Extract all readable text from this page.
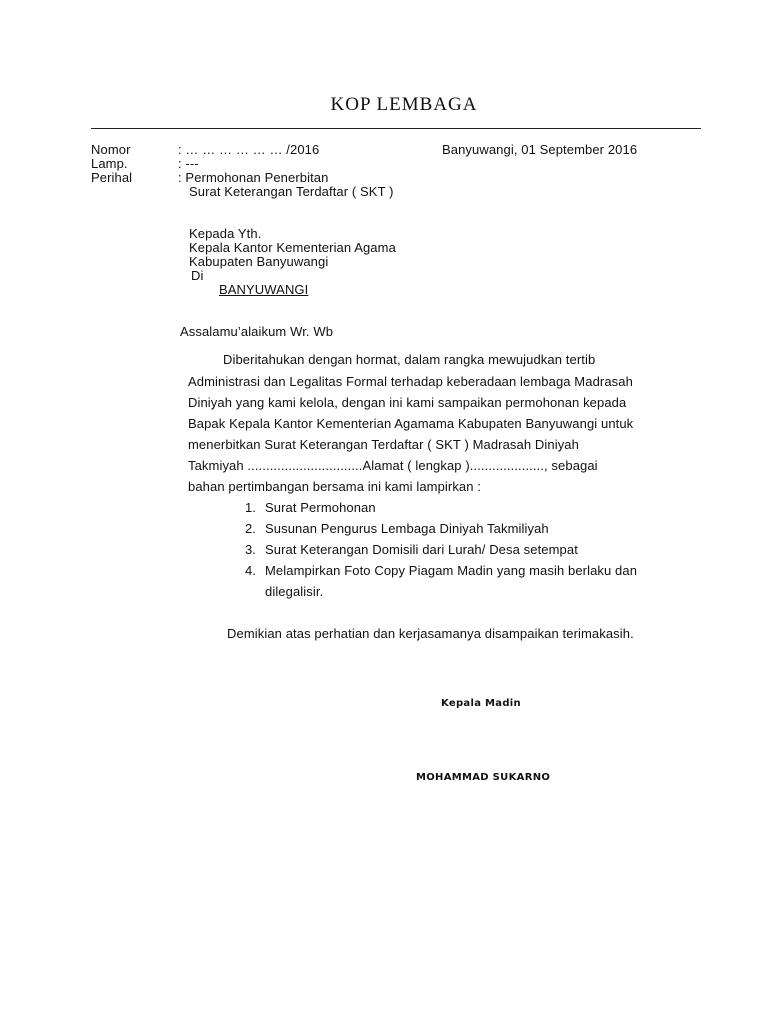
KOP LEMBAGA
Nomor	: … … … … … … /2016	Banyuwangi, 01 September 2016
Lamp.	: ---
Perihal	: Permohonan Penerbitan
Surat Keterangan Terdaftar ( SKT )
Kepada Yth.
Kepala Kantor Kementerian Agama
Kabupaten Banyuwangi
Di
BANYUWANGI
Assalamu’alaikum Wr. Wb
Diberitahukan dengan hormat, dalam rangka mewujudkan tertib
Administrasi dan Legalitas Formal terhadap keberadaan lembaga Madrasah
Diniyah yang kami kelola, dengan ini kami sampaikan permohonan kepada
Bapak Kepala Kantor Kementerian Agamama Kabupaten Banyuwangi untuk
menerbitkan Surat Keterangan Terdaftar ( SKT ) Madrasah Diniyah
Takmiyah ...............................Alamat ( lengkap )...................., sebagai
bahan pertimbangan bersama ini kami lampirkan :
1. Surat Permohonan
2. Susunan Pengurus Lembaga Diniyah Takmiliyah
3. Surat Keterangan Domisili dari Lurah/ Desa setempat
4. Melampirkan Foto Copy Piagam Madin yang masih berlaku dan
dilegalisir.
Demikian atas perhatian dan kerjasamanya disampaikan terimakasih.
Kepala Madin
MOHAMMAD SUKARNO
